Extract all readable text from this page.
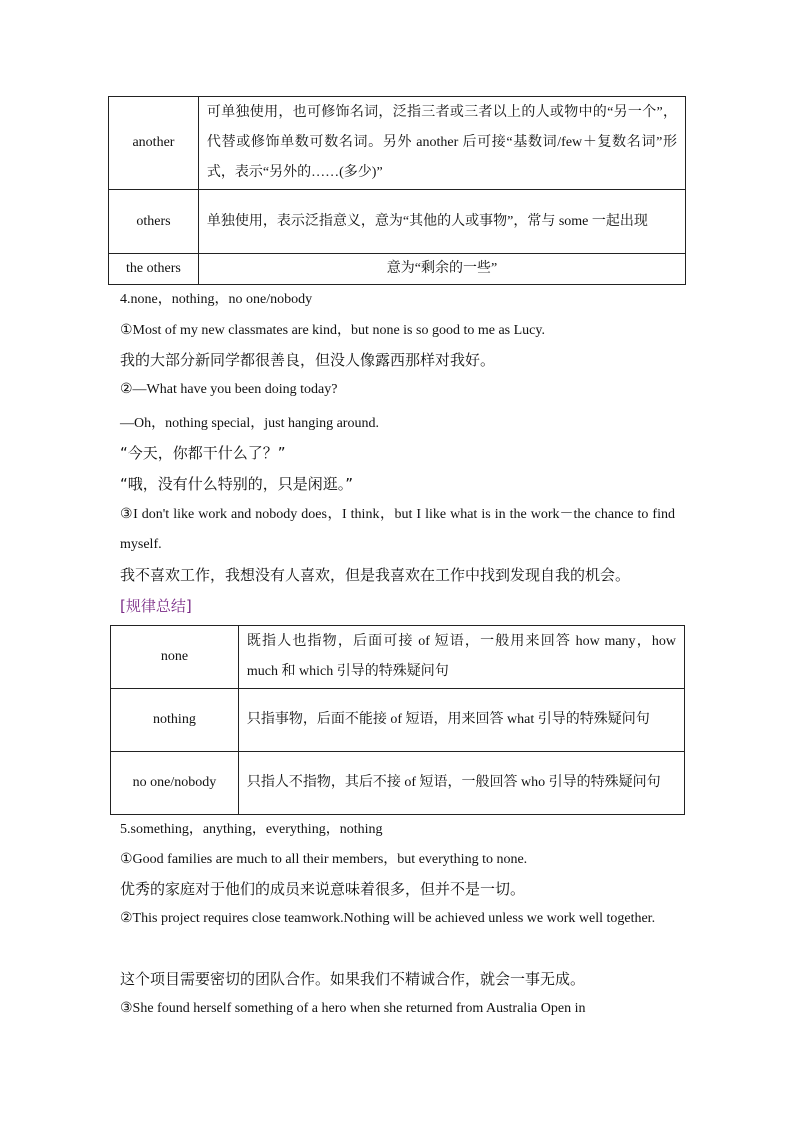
another	可单独使用，也可修饰名词，泛指三者或三者以上的人或物中的“另一个”，代替或修饰单数可数名词。另外 another 后可接“基数词/few＋复数名词”形式，表示“另外的……(多少)”
others	单独使用，表示泛指意义，意为“其他的人或事物”，常与 some 一起出现
the others	意为“剩余的一些”
4.none，nothing，no one/nobody
①Most of my new classmates are kind，but none is so good to me as Lucy.
我的大部分新同学都很善良，但没人像露西那样对我好。
②—What have you been doing today?
—Oh，nothing special，just hanging around.
“今天，你都干什么了？”
“哦，没有什么特别的，只是闲逛。”
③I don't like work and nobody does，I think，but I like what is in the work－the chance to find myself.
我不喜欢工作，我想没有人喜欢，但是我喜欢在工作中找到发现自我的机会。
[规律总结]
none	既指人也指物，后面可接 of 短语，一般用来回答 how many，how much 和 which 引导的特殊疑问句
nothing	只指事物，后面不能接 of 短语，用来回答 what 引导的特殊疑问句
no one/nobody	只指人不指物，其后不接 of 短语，一般回答 who 引导的特殊疑问句
5.something，anything，everything，nothing
①Good families are much to all their members，but everything to none.
优秀的家庭对于他们的成员来说意味着很多，但并不是一切。
②This project requires close teamwork.Nothing will be achieved unless we work well together.
这个项目需要密切的团队合作。如果我们不精诚合作，就会一事无成。
③She found herself something of a hero when she returned from Australia Open in
